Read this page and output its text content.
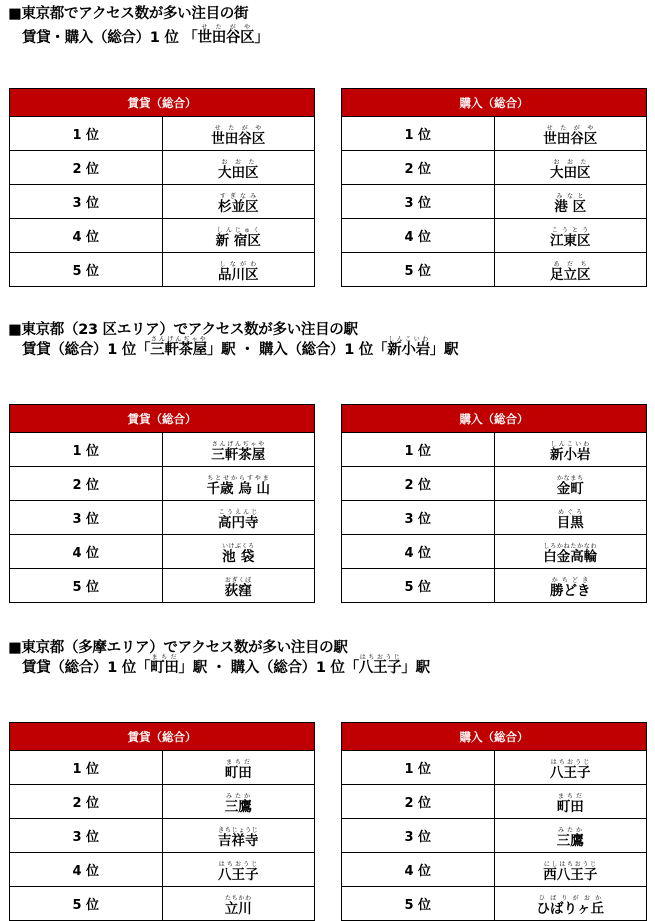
■東京都でアクセス数が多い注目の街
賃貸・購入（総合）1 位 「世田谷区せたがや」
賃貸（総合）	
1 位	世田谷区せたがや
2 位	大田区おおた
3 位	杉並区すぎなみ
4 位	新 宿区しんじゅく
5 位	品川区しながわ
購入（総合）	
1 位	世田谷区せたがや
2 位	大田区おおた
3 位	港 区みなと
4 位	江東区こうとう
5 位	足立区あだち
■東京都（23 区エリア）でアクセス数が多い注目の駅
賃貸（総合）1 位「三軒茶屋さんげんぢゃや」駅 ・ 購入（総合）1 位「新小岩しんこいわ」駅
賃貸（総合）	
1 位	三軒茶屋さんげんぢゃや
2 位	千歳 烏 山ちとせからすやま
3 位	高円寺こうえんじ
4 位	池 袋いけぶくろ
5 位	荻窪おぎくぼ
購入（総合）	
1 位	新小岩しんこいわ
2 位	金町かなまち
3 位	目黒めぐろ
4 位	白金高輪しろかねたかなわ
5 位	勝どきかちどき
■東京都（多摩エリア）でアクセス数が多い注目の駅
賃貸（総合）1 位「町田まちだ」駅 ・ 購入（総合）1 位「八王子はちおうじ」駅
賃貸（総合）	
1 位	町田まちだ
2 位	三鷹みたか
3 位	吉祥寺きちじょうじ
4 位	八王子はちおうじ
5 位	立川たちかわ
購入（総合）	
1 位	八王子はちおうじ
2 位	町田まちだ
3 位	三鷹みたか
4 位	西八王子にしはちおうじ
5 位	ひばりヶ丘ひばりがおか
